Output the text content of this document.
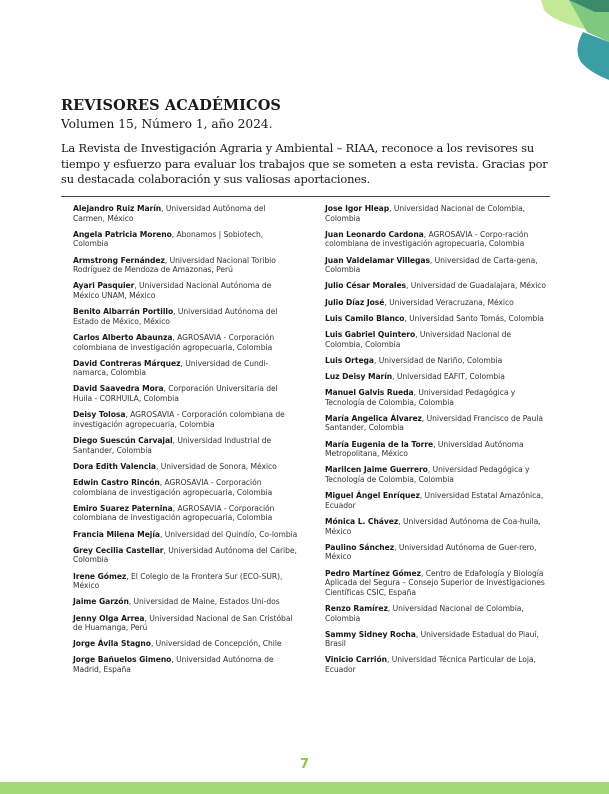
REVISORES ACADÉMICOS

Volumen 15, Número 1, año 2024.

La Revista de Investigación Agraria y Ambiental – RIAA, reconoce a los revisores su tiempo y esfuerzo para evaluar los trabajos que se someten a esta revista. Gracias por su destacada colaboración y sus valiosas aportaciones.

Alejandro Ruiz Marín, Universidad Autónoma del Carmen, México

Angela Patricia Moreno, Abonamos | Sobiotech, Colombia

Armstrong Fernández, Universidad Nacional Toribio Rodríguez de Mendoza de Amazonas, Perú

Ayari Pasquier, Universidad Nacional Autónoma de México UNAM, México

Benito Albarrán Portillo, Universidad Autónoma del Estado de México, México

Carlos Alberto Abaunza, AGROSAVIA - Corporación colombiana de investigación agropecuaria, Colombia

David Contreras Márquez, Universidad de Cundi-namarca, Colombia

David Saavedra Mora, Corporación Universitaria del Huila - CORHUILA, Colombia

Deisy Tolosa, AGROSAVIA - Corporación colombiana de investigación agropecuaria, Colombia

Diego Suescún Carvajal, Universidad Industrial de Santander, Colombia

Dora Edith Valencia, Universidad de Sonora, México

Edwin Castro Rincón, AGROSAVIA - Corporación colombiana de investigación agropecuaria, Colombia

Emiro Suarez Paternina, AGROSAVIA - Corporación colombiana de investigación agropecuaria, Colombia

Francia Milena Mejía, Universidad del Quindío, Co-lombia

Grey Cecilia Castellar, Universidad Autónoma del Caribe, Colombia

Irene Gómez, El Colegio de la Frontera Sur (ECO-SUR), México

Jaime Garzón, Universidad de Maine, Estados Uni-dos

Jenny Olga Arrea, Universidad Nacional de San Cristóbal de Huamanga, Perú

Jorge Ávila Stagno, Universidad de Concepción, Chile

Jorge Bañuelos Gimeno, Universidad Autónoma de Madrid, España

Jose Igor Hleap, Universidad Nacional de Colombia, Colombia

Juan Leonardo Cardona, AGROSAVIA - Corpo-ración colombiana de investigación agropecuaria, Colombia

Juan Valdelamar Villegas, Universidad de Carta-gena, Colombia

Julio César Morales, Universidad de Guadalajara, México

Julio Díaz José, Universidad Veracruzana, México

Luis Camilo Blanco, Universidad Santo Tomás, Colombia

Luis Gabriel Quintero, Universidad Nacional de Colombia, Colombia

Luis Ortega, Universidad de Nariño, Colombia

Luz Deisy Marín, Universidad EAFIT, Colombia

Manuel Galvis Rueda, Universidad Pedagógica y Tecnología de Colombia, Colombia

María Angelica Álvarez, Universidad Francisco de Paula Santander, Colombia

María Eugenia de la Torre, Universidad Autónoma Metropolitana, México

Marilcen Jaime Guerrero, Universidad Pedagógica y Tecnología de Colombia, Colombia

Miguel Ángel Enríquez, Universidad Estatal Amazónica, Ecuador

Mónica L. Chávez, Universidad Autónoma de Coa-huila, México

Paulino Sánchez, Universidad Autónoma de Guer-rero, México

Pedro Martínez Gómez, Centro de Edafología y Biología Aplicada del Segura – Consejo Superior de Investigaciones Científicas CSIC, España

Renzo Ramírez, Universidad Nacional de Colombia, Colombia

Sammy Sidney Rocha, Universidade Estadual do Piauí, Brasil

Vinicio Carrión, Universidad Técnica Particular de Loja, Ecuador

7
